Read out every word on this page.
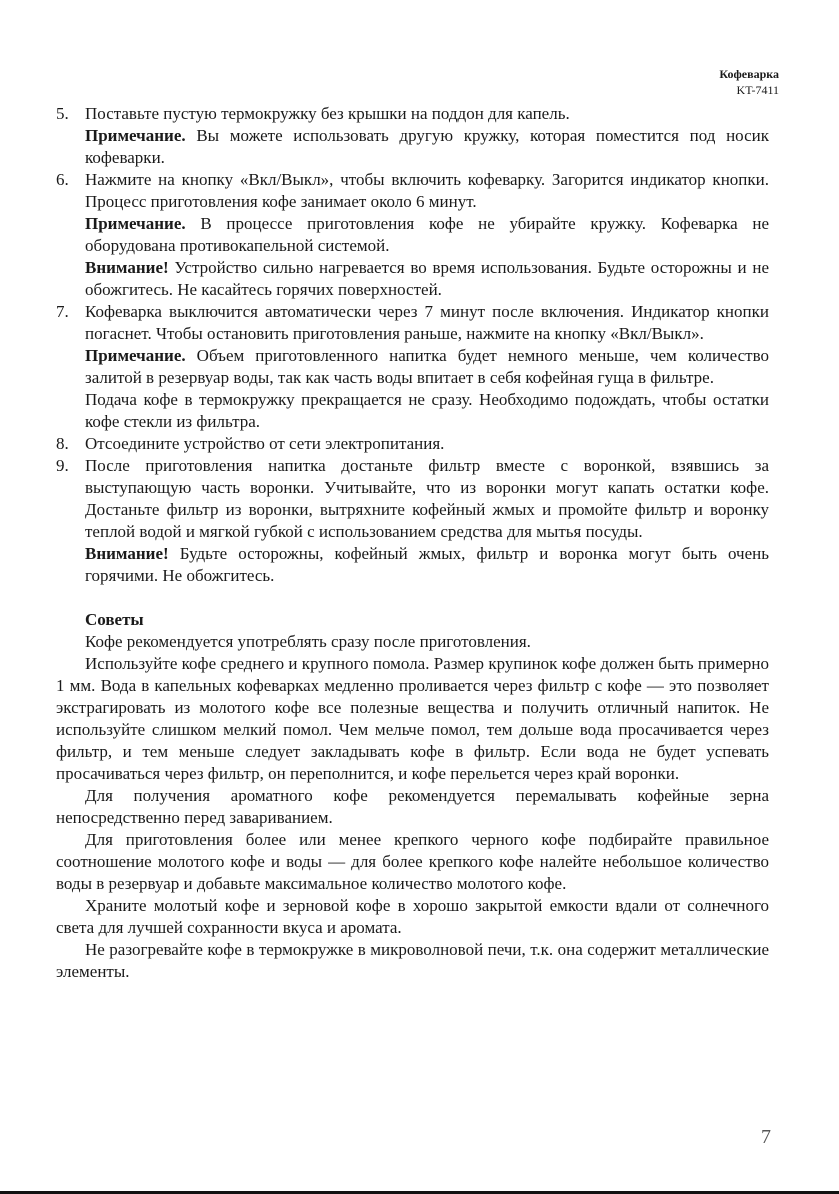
Кофеварка
KT-7411
5. Поставьте пустую термокружку без крышки на поддон для капель.

Примечание. Вы можете использовать другую кружку, которая поместится под носик кофеварки.

6. Нажмите на кнопку «Вкл/Выкл», чтобы включить кофеварку. Загорится индикатор кнопки. Процесс приготовления кофе занимает около 6 минут.

Примечание. В процессе приготовления кофе не убирайте кружку. Кофеварка не оборудована противокапельной системой.

Внимание! Устройство сильно нагревается во время использования. Будьте осторожны и не обожгитесь. Не касайтесь горячих поверхностей.

7. Кофеварка выключится автоматически через 7 минут после включения. Индикатор кнопки погаснет. Чтобы остановить приготовления раньше, нажмите на кнопку «Вкл/Выкл».

Примечание. Объем приготовленного напитка будет немного меньше, чем количество залитой в резервуар воды, так как часть воды впитает в себя кофейная гуща в фильтре.

Подача кофе в термокружку прекращается не сразу. Необходимо подождать, чтобы остатки кофе стекли из фильтра.

8. Отсоедините устройство от сети электропитания.

9. После приготовления напитка достаньте фильтр вместе с воронкой, взявшись за выступающую часть воронки. Учитывайте, что из воронки могут капать остатки кофе. Достаньте фильтр из воронки, вытряхните кофейный жмых и промойте фильтр и воронку теплой водой и мягкой губкой с использованием средства для мытья посуды.

Внимание! Будьте осторожны, кофейный жмых, фильтр и воронка могут быть очень горячими. Не обожгитесь.

Советы

Кофе рекомендуется употреблять сразу после приготовления.

Используйте кофе среднего и крупного помола. Размер крупинок кофе должен быть примерно 1 мм. Вода в капельных кофеварках медленно проливается через фильтр с кофе — это позволяет экстрагировать из молотого кофе все полезные вещества и получить отличный напиток. Не используйте слишком мелкий помол. Чем мельче помол, тем дольше вода просачивается через фильтр, и тем меньше следует закладывать кофе в фильтр. Если вода не будет успевать просачиваться через фильтр, он переполнится, и кофе перельется через край воронки.

Для получения ароматного кофе рекомендуется перемалывать кофейные зерна непосредственно перед завариванием.

Для приготовления более или менее крепкого черного кофе подбирайте правильное соотношение молотого кофе и воды — для более крепкого кофе налейте небольшое количество воды в резервуар и добавьте максимальное количество молотого кофе.

Храните молотый кофе и зерновой кофе в хорошо закрытой емкости вдали от солнечного света для лучшей сохранности вкуса и аромата.

Не разогревайте кофе в термокружке в микроволновой печи, т.к. она содержит металлические элементы.

7
